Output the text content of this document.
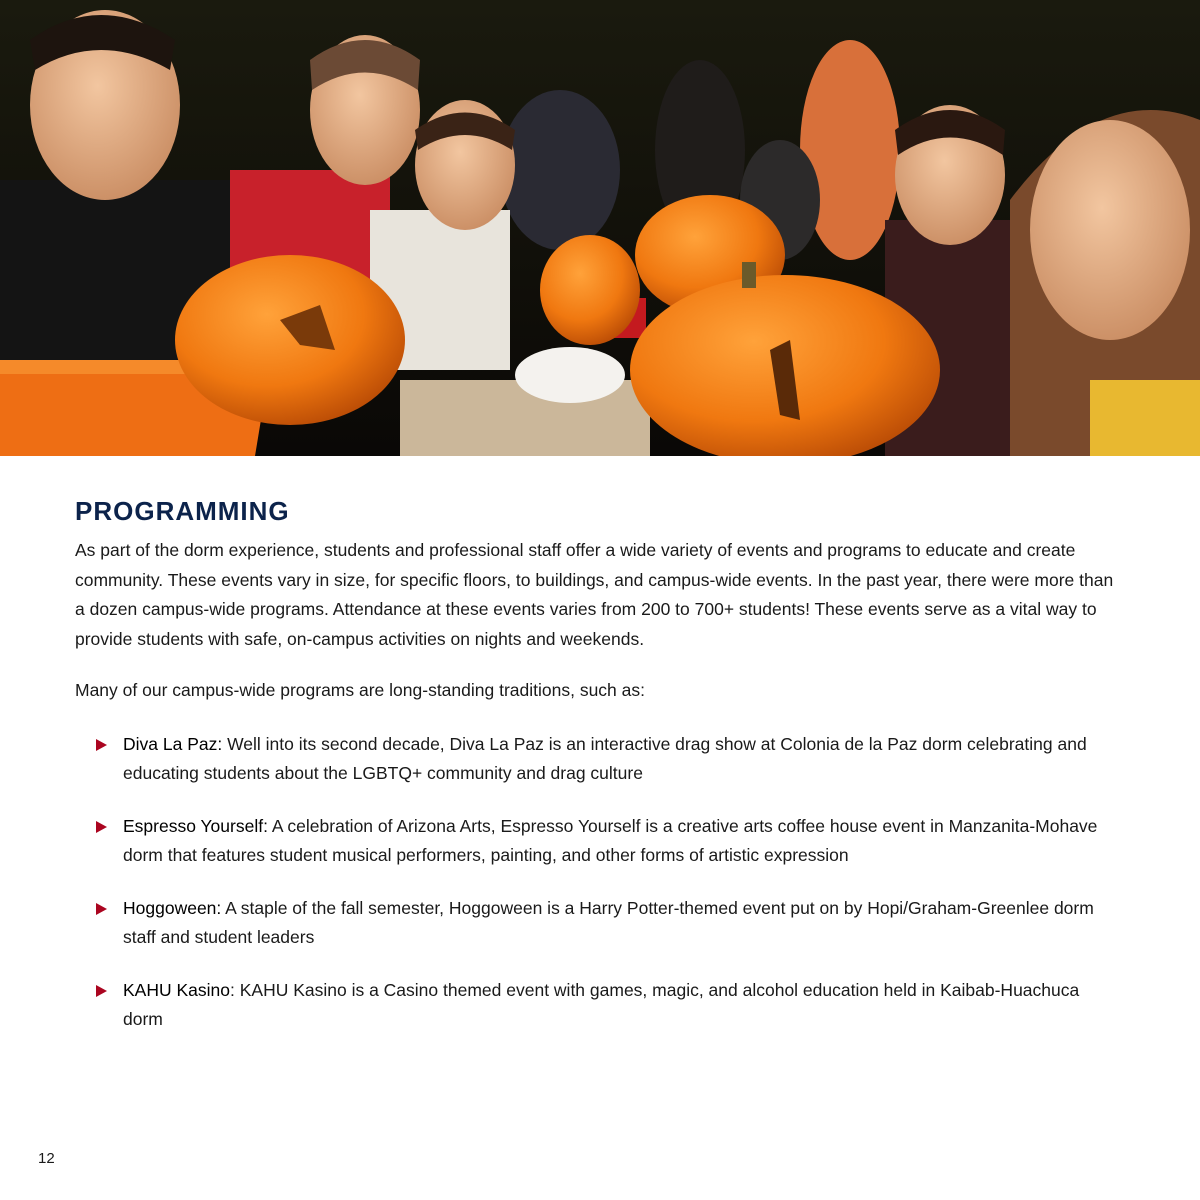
PROGRAMMING

As part of the dorm experience, students and professional staff offer a wide variety of events and programs to educate and create community. These events vary in size, for specific floors, to buildings, and campus-wide events. In the past year, there were more than a dozen campus-wide programs. Attendance at these events varies from 200 to 700+ students! These events serve as a vital way to provide students with safe, on-campus activities on nights and weekends.

Many of our campus-wide programs are long-standing traditions, such as:

Diva La Paz: Well into its second decade, Diva La Paz is an interactive drag show at Colonia de la Paz dorm celebrating and educating students about the LGBTQ+ community and drag culture
Espresso Yourself: A celebration of Arizona Arts, Espresso Yourself is a creative arts coffee house event in Manzanita-Mohave dorm that features student musical performers, painting, and other forms of artistic expression
Hoggoween: A staple of the fall semester, Hoggoween is a Harry Potter-themed event put on by Hopi/Graham-Greenlee dorm staff and student leaders
KAHU Kasino: KAHU Kasino is a Casino themed event with games, magic, and alcohol education held in Kaibab-Huachuca dorm
12
